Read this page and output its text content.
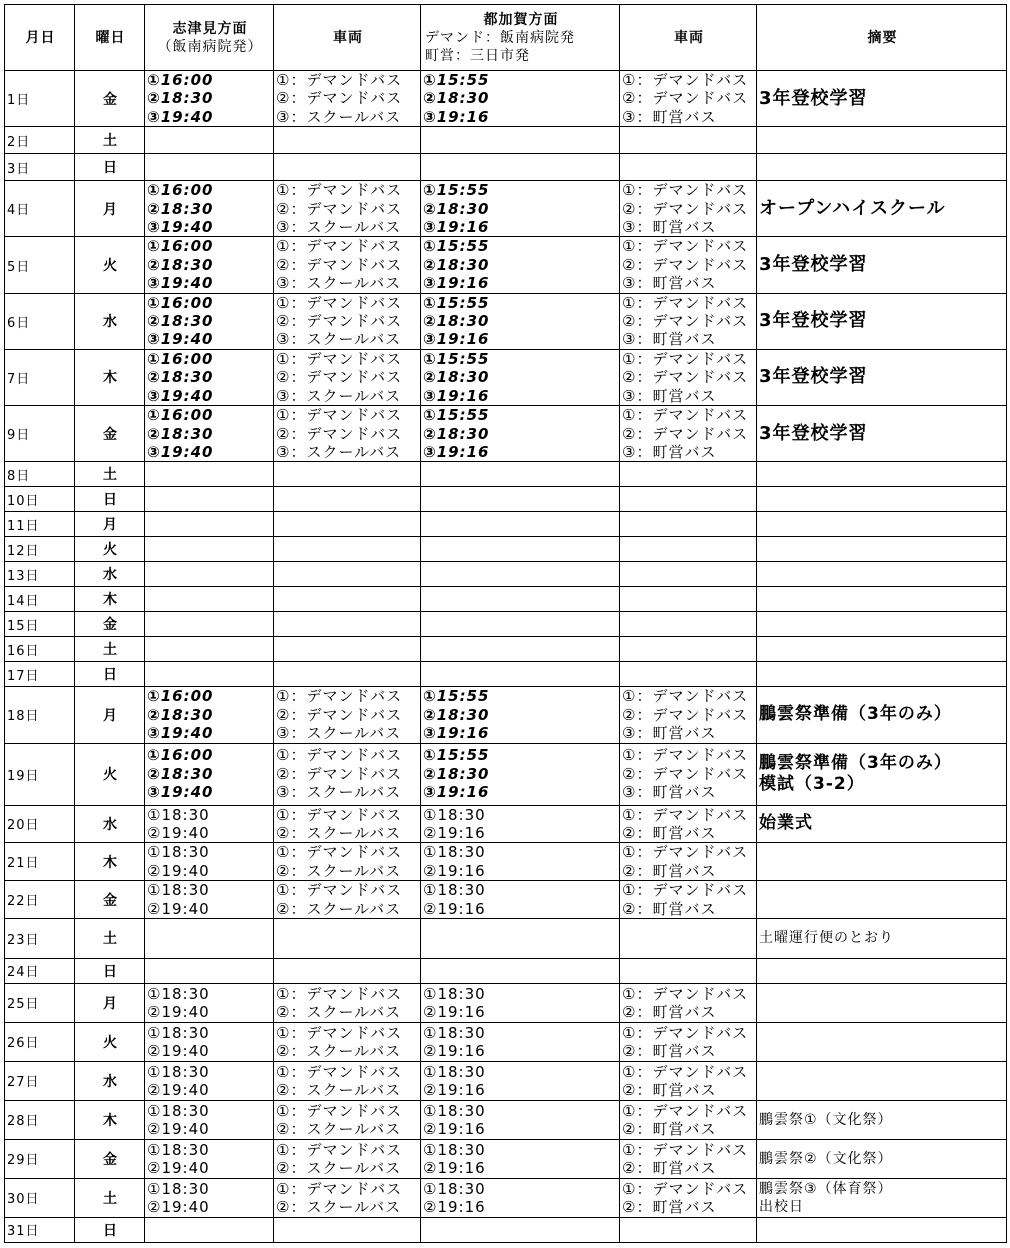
月日	曜日	志津見方面
（飯南病院発）	車両	都加賀方面
デマンド：飯南病院発
町営：三日市発	車両	摘要
1日	金	①16:00
②18:30
③19:40	①：デマンドバス
②：デマンドバス
③：スクールバス	①15:55
②18:30
③19:16	①：デマンドバス
②：デマンドバス
③：町営バス	3年登校学習

2日	土					
3日	日					
4日	月	①16:00
②18:30
③19:40	①：デマンドバス
②：デマンドバス
③：スクールバス	①15:55
②18:30
③19:16	①：デマンドバス
②：デマンドバス
③：町営バス	オープンハイスクール

5日	火	①16:00
②18:30
③19:40	①：デマンドバス
②：デマンドバス
③：スクールバス	①15:55
②18:30
③19:16	①：デマンドバス
②：デマンドバス
③：町営バス	3年登校学習

6日	水	①16:00
②18:30
③19:40	①：デマンドバス
②：デマンドバス
③：スクールバス	①15:55
②18:30
③19:16	①：デマンドバス
②：デマンドバス
③：町営バス	3年登校学習

7日	木	①16:00
②18:30
③19:40	①：デマンドバス
②：デマンドバス
③：スクールバス	①15:55
②18:30
③19:16	①：デマンドバス
②：デマンドバス
③：町営バス	3年登校学習

9日	金	①16:00
②18:30
③19:40	①：デマンドバス
②：デマンドバス
③：スクールバス	①15:55
②18:30
③19:16	①：デマンドバス
②：デマンドバス
③：町営バス	3年登校学習

8日	土					
10日	日					
11日	月					
12日	火					
13日	水					
14日	木					
15日	金					
16日	土					
17日	日					
18日	月	①16:00
②18:30
③19:40	①：デマンドバス
②：デマンドバス
③：スクールバス	①15:55
②18:30
③19:16	①：デマンドバス
②：デマンドバス
③：町営バス	鵬雲祭準備（3年のみ）

19日	火	①16:00
②18:30
③19:40	①：デマンドバス
②：デマンドバス
③：スクールバス	①15:55
②18:30
③19:16	①：デマンドバス
②：デマンドバス
③：町営バス	鵬雲祭準備（3年のみ）
模試（3-2）

20日	水	①18:30
②19:40	①：デマンドバス
②：スクールバス	①18:30
②19:16	①：デマンドバス
②：町営バス	始業式

21日	木	①18:30
②19:40	①：デマンドバス
②：スクールバス	①18:30
②19:16	①：デマンドバス
②：町営バス	

22日	金	①18:30
②19:40	①：デマンドバス
②：スクールバス	①18:30
②19:16	①：デマンドバス
②：町営バス	

23日	土					土曜運行便のとおり

24日	日					
25日	月	①18:30
②19:40	①：デマンドバス
②：スクールバス	①18:30
②19:16	①：デマンドバス
②：町営バス	

26日	火	①18:30
②19:40	①：デマンドバス
②：スクールバス	①18:30
②19:16	①：デマンドバス
②：町営バス	

27日	水	①18:30
②19:40	①：デマンドバス
②：スクールバス	①18:30
②19:16	①：デマンドバス
②：町営バス	

28日	木	①18:30
②19:40	①：デマンドバス
②：スクールバス	①18:30
②19:16	①：デマンドバス
②：町営バス	鵬雲祭①（文化祭）

29日	金	①18:30
②19:40	①：デマンドバス
②：スクールバス	①18:30
②19:16	①：デマンドバス
②：町営バス	鵬雲祭②（文化祭）

30日	土	①18:30
②19:40	①：デマンドバス
②：スクールバス	①18:30
②19:16	①：デマンドバス
②：町営バス	鵬雲祭③（体育祭）
出校日

31日	日					
